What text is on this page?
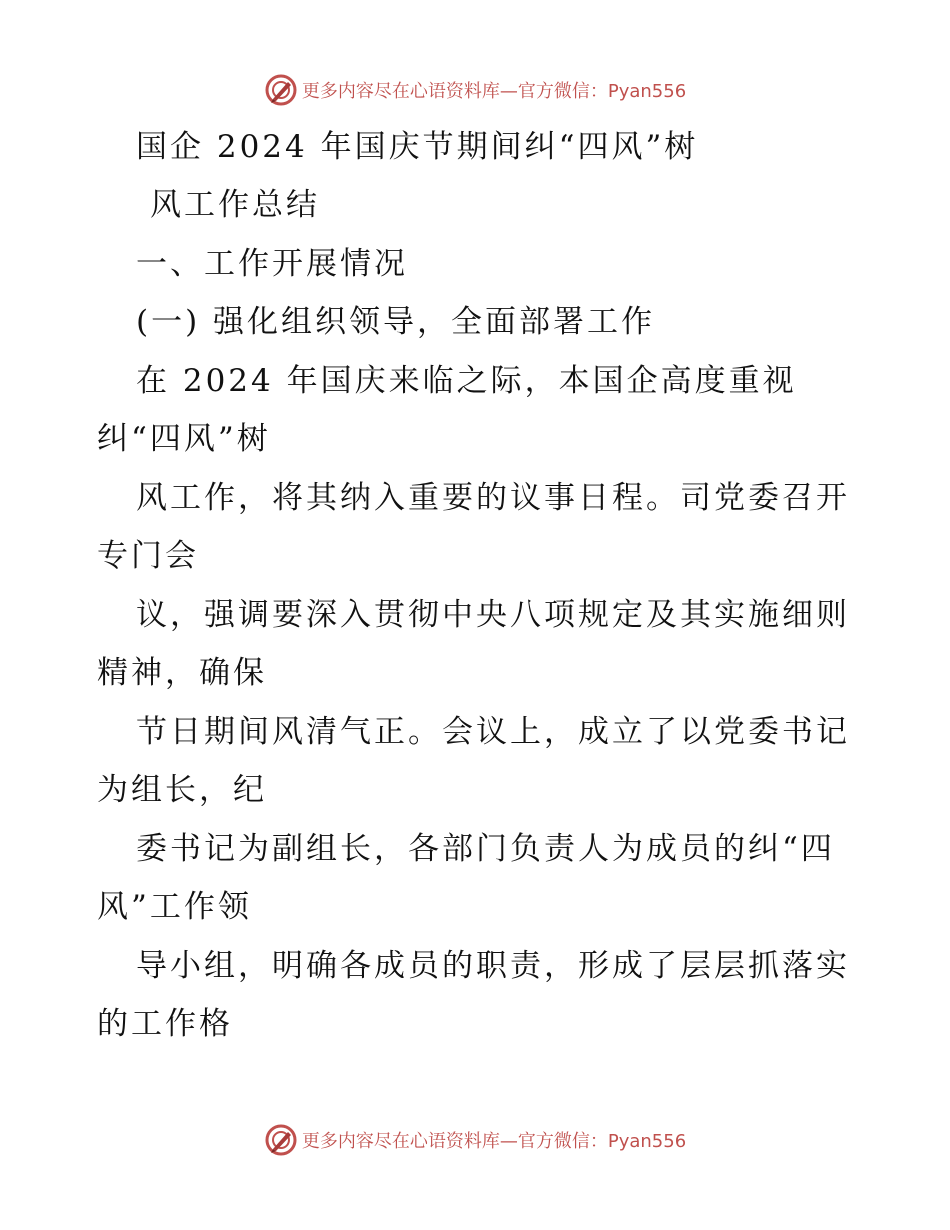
更多内容尽在心语资料库—官方微信：Pyan556
国企 2024 年国庆节期间纠“四风”树
风工作总结
一、工作开展情况
(一) 强化组织领导，全面部署工作
在 2024 年国庆来临之际，本国企高度重视
纠“四风”树
风工作，将其纳入重要的议事日程。司党委召开
专门会
议，强调要深入贯彻中央八项规定及其实施细则
精神，确保
节日期间风清气正。会议上，成立了以党委书记
为组长，纪
委书记为副组长，各部门负责人为成员的纠“四
风”工作领
导小组，明确各成员的职责，形成了层层抓落实
的工作格
更多内容尽在心语资料库—官方微信：Pyan556
